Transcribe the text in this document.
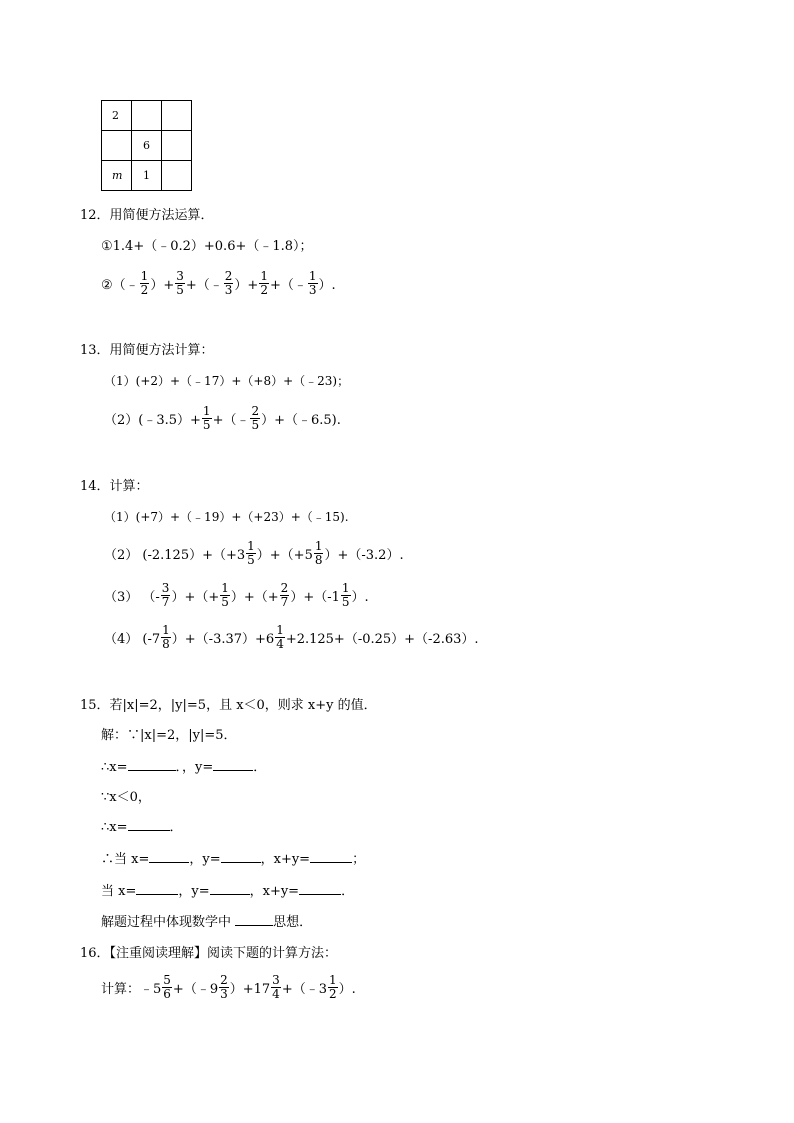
2		
	6	
m	1	
12．用简便方法运算．
①1.4+（﹣0.2）+0.6+（﹣1.8）；
②（ ﹣ $\frac{1}{2}$ ）+ $\frac{3}{5}$ +（﹣ $\frac{2}{3}$ ）+ $\frac{1}{2}$ +（﹣ $\frac{1}{3}$ ）.
13．用简便方法计算：
（1）(+2）+（﹣17）+（+8）+（﹣23)；
（2）(﹣3.5）+ $\frac{1}{5}$ +（﹣ $\frac{2}{5}$ ）+（﹣6.5).
14．计算：
（1）(+7）+（﹣19）+（+23）+（﹣15).
（2） $(-2.125)+(+3 \frac{1}{5} )+(+5 \frac{1}{8} )+(-3.2)$.
（3） （- $\frac{3}{7}$ ）+（+ $\frac{1}{5}$ ）+（+ $\frac{2}{7} )+(-1 \frac{1}{5}$ ）.
（4） $(-7 \frac{1}{8} )+(-3.37)+6 \frac{1}{4} +2.125+(-0.25)+(-2.63)$.
15．若|x|=2，|y|=5，且 x＜0，则求 x+y 的值．
解：∵|x|=2，|y|=5．
∴x=	．，y=	．
∵x＜0，
∴x=	．
∴当 x=	，y=	，x+y=	；
当 x=	，y=	，x+y=	．
解题过程中体现数学中	思想．
16．【注重阅读理解】阅读下题的计算方法：
计算：﹣5 $\frac{5}{6}$ +（﹣9 $\frac{2}{3} )+17 \frac{3}{4}$ +（﹣3 $\frac{1}{2}$ ）.
